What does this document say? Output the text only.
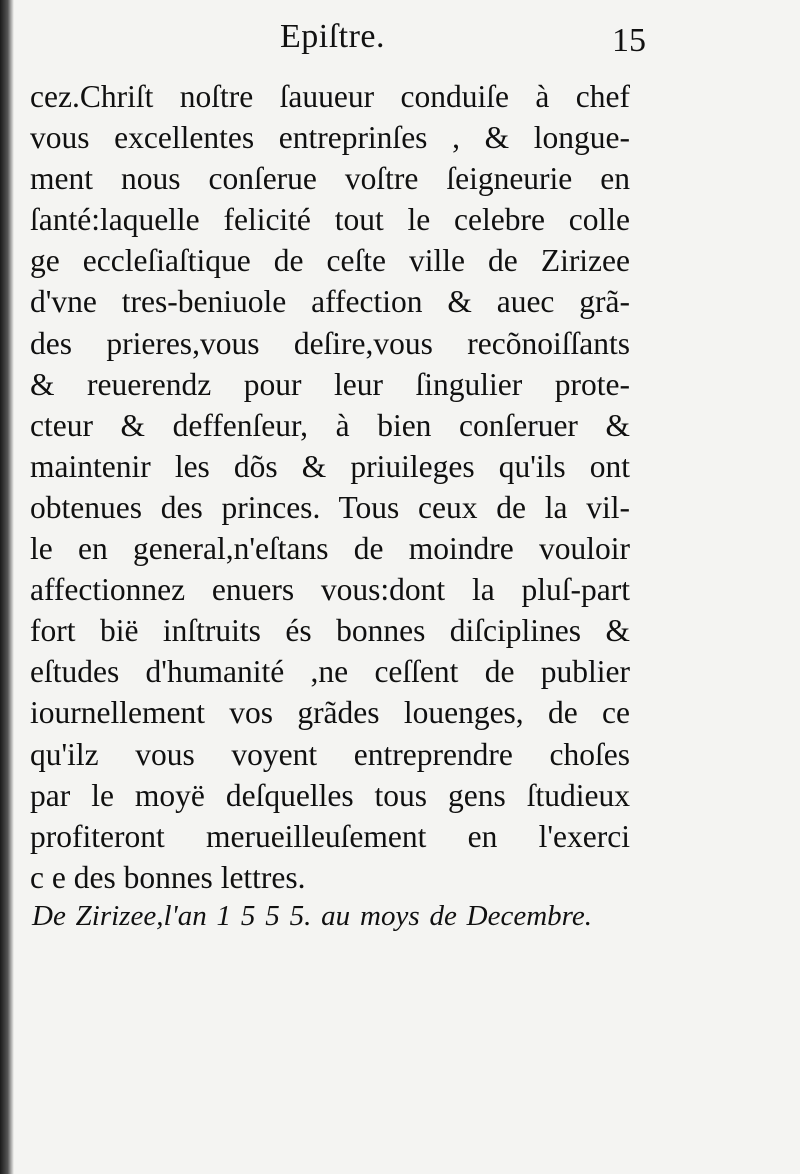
Epiſtre.	15
cez.Chriſt noſtre ſauueur conduiſe à chef
vous excellentes entreprinſes , & longue-
ment nous conſerue voſtre ſeigneurie en
ſanté:laquelle felicité tout le celebre colle
ge eccleſiaſtique de ceſte ville de Zirizee
d'vne tres-beniuole affection & auec grã-
des prieres,vous deſire,vous recõnoiſſants
& reuerendz pour leur ſingulier prote-
cteur & deffenſeur, à bien conſeruer &
maintenir les dõs & priuileges qu'ils ont
obtenues des princes. Tous ceux de la vil-
le en general,n'eſtans de moindre vouloir
affectionnez enuers vous:dont la pluſ-part
fort bië inſtruits és bonnes diſciplines &
eſtudes d'humanité ,ne ceſſent de publier
iournellement vos grãdes louenges, de ce
qu'ilz vous voyent entreprendre choſes
par le moyë deſquelles tous gens ſtudieux
profiteront merueilleuſement en l'exerci
c e des bonnes lettres.
De Zirizee,l'an 1 5 5 5. au moys de Decembre.
